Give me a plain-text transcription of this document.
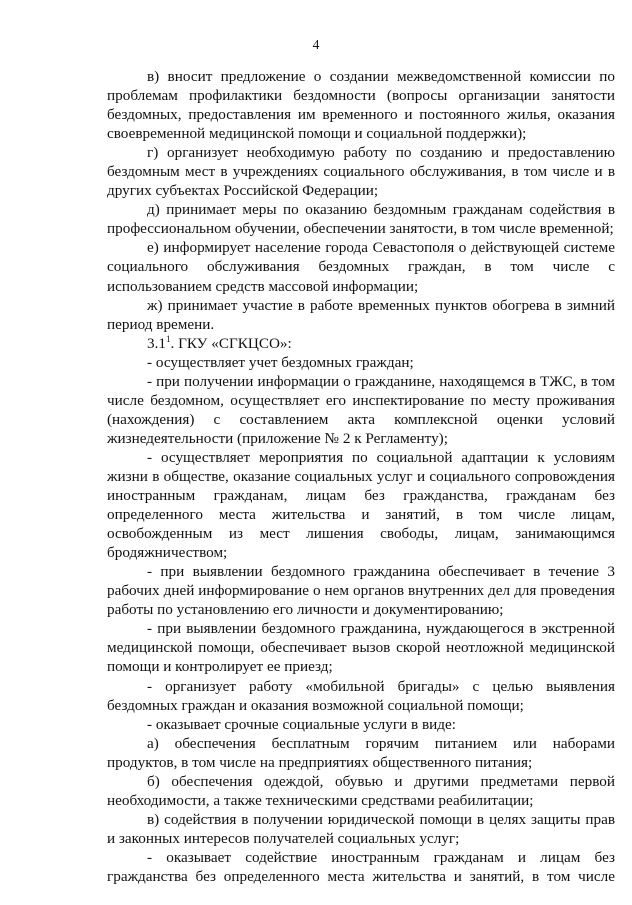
4

в) вносит предложение о создании межведомственной комиссии по проблемам профилактики бездомности (вопросы организации занятости бездомных, предоставления им временного и постоянного жилья, оказания своевременной медицинской помощи и социальной поддержки);

г) организует необходимую работу по созданию и предоставлению бездомным мест в учреждениях социального обслуживания, в том числе и в других субъектах Российской Федерации;

д) принимает меры по оказанию бездомным гражданам содействия в профессиональном обучении, обеспечении занятости, в том числе временной;

е) информирует население города Севастополя о действующей системе социального обслуживания бездомных граждан, в том числе с использованием средств массовой информации;

ж) принимает участие в работе временных пунктов обогрева в зимний период времени.

$3.1^1$. ГКУ «СГКЦСО»:

- осуществляет учет бездомных граждан;

- при получении информации о гражданине, находящемся в ТЖС, в том числе бездомном, осуществляет его инспектирование по месту проживания (нахождения) с составлением акта комплексной оценки условий жизнедеятельности (приложение № 2 к Регламенту);

- осуществляет мероприятия по социальной адаптации к условиям жизни в обществе, оказание социальных услуг и социального сопровождения иностранным гражданам, лицам без гражданства, гражданам без определенного места жительства и занятий, в том числе лицам, освобожденным из мест лишения свободы, лицам, занимающимся бродяжничеством;

- при выявлении бездомного гражданина обеспечивает в течение 3 рабочих дней информирование о нем органов внутренних дел для проведения работы по установлению его личности и документированию;

- при выявлении бездомного гражданина, нуждающегося в экстренной медицинской помощи, обеспечивает вызов скорой неотложной медицинской помощи и контролирует ее приезд;

- организует работу «мобильной бригады» с целью выявления бездомных граждан и оказания возможной социальной помощи;

- оказывает срочные социальные услуги в виде:

а) обеспечения бесплатным горячим питанием или наборами продуктов, в том числе на предприятиях общественного питания;

б) обеспечения одеждой, обувью и другими предметами первой необходимости, а также техническими средствами реабилитации;

в) содействия в получении юридической помощи в целях защиты прав и законных интересов получателей социальных услуг;

- оказывает содействие иностранным гражданам и лицам без гражданства без определенного места жительства и занятий, в том числе
